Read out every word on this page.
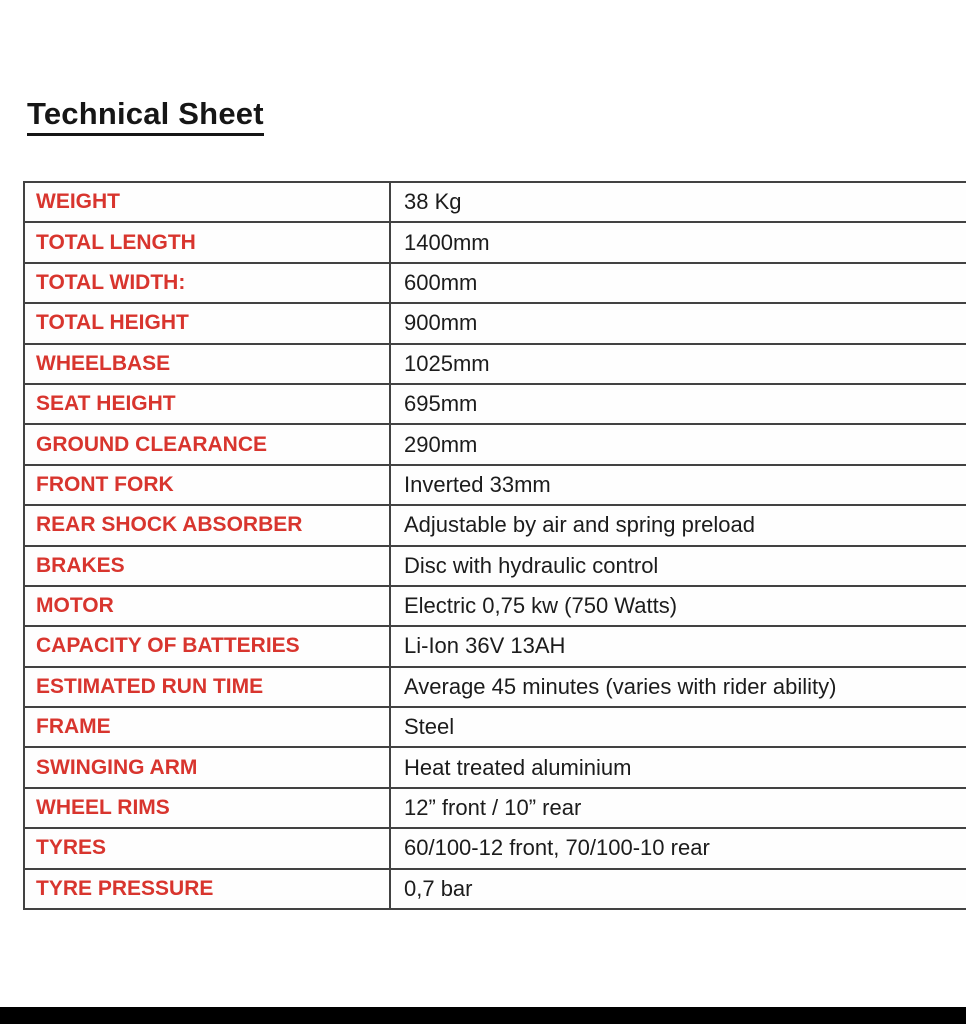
Technical Sheet
WEIGHT	38 Kg
TOTAL LENGTH	1400mm
TOTAL WIDTH:	600mm
TOTAL HEIGHT	900mm
WHEELBASE	1025mm
SEAT HEIGHT	695mm
GROUND CLEARANCE	290mm
FRONT FORK	Inverted 33mm
REAR SHOCK ABSORBER	Adjustable by air and spring preload
BRAKES	Disc with hydraulic control
MOTOR	Electric 0,75 kw (750 Watts)
CAPACITY OF BATTERIES	Li-Ion 36V 13AH
ESTIMATED RUN TIME	Average 45 minutes (varies with rider ability)
FRAME	Steel
SWINGING ARM	Heat treated aluminium
WHEEL RIMS	12” front / 10” rear
TYRES	60/100-12 front, 70/100-10 rear
TYRE PRESSURE	0,7 bar
